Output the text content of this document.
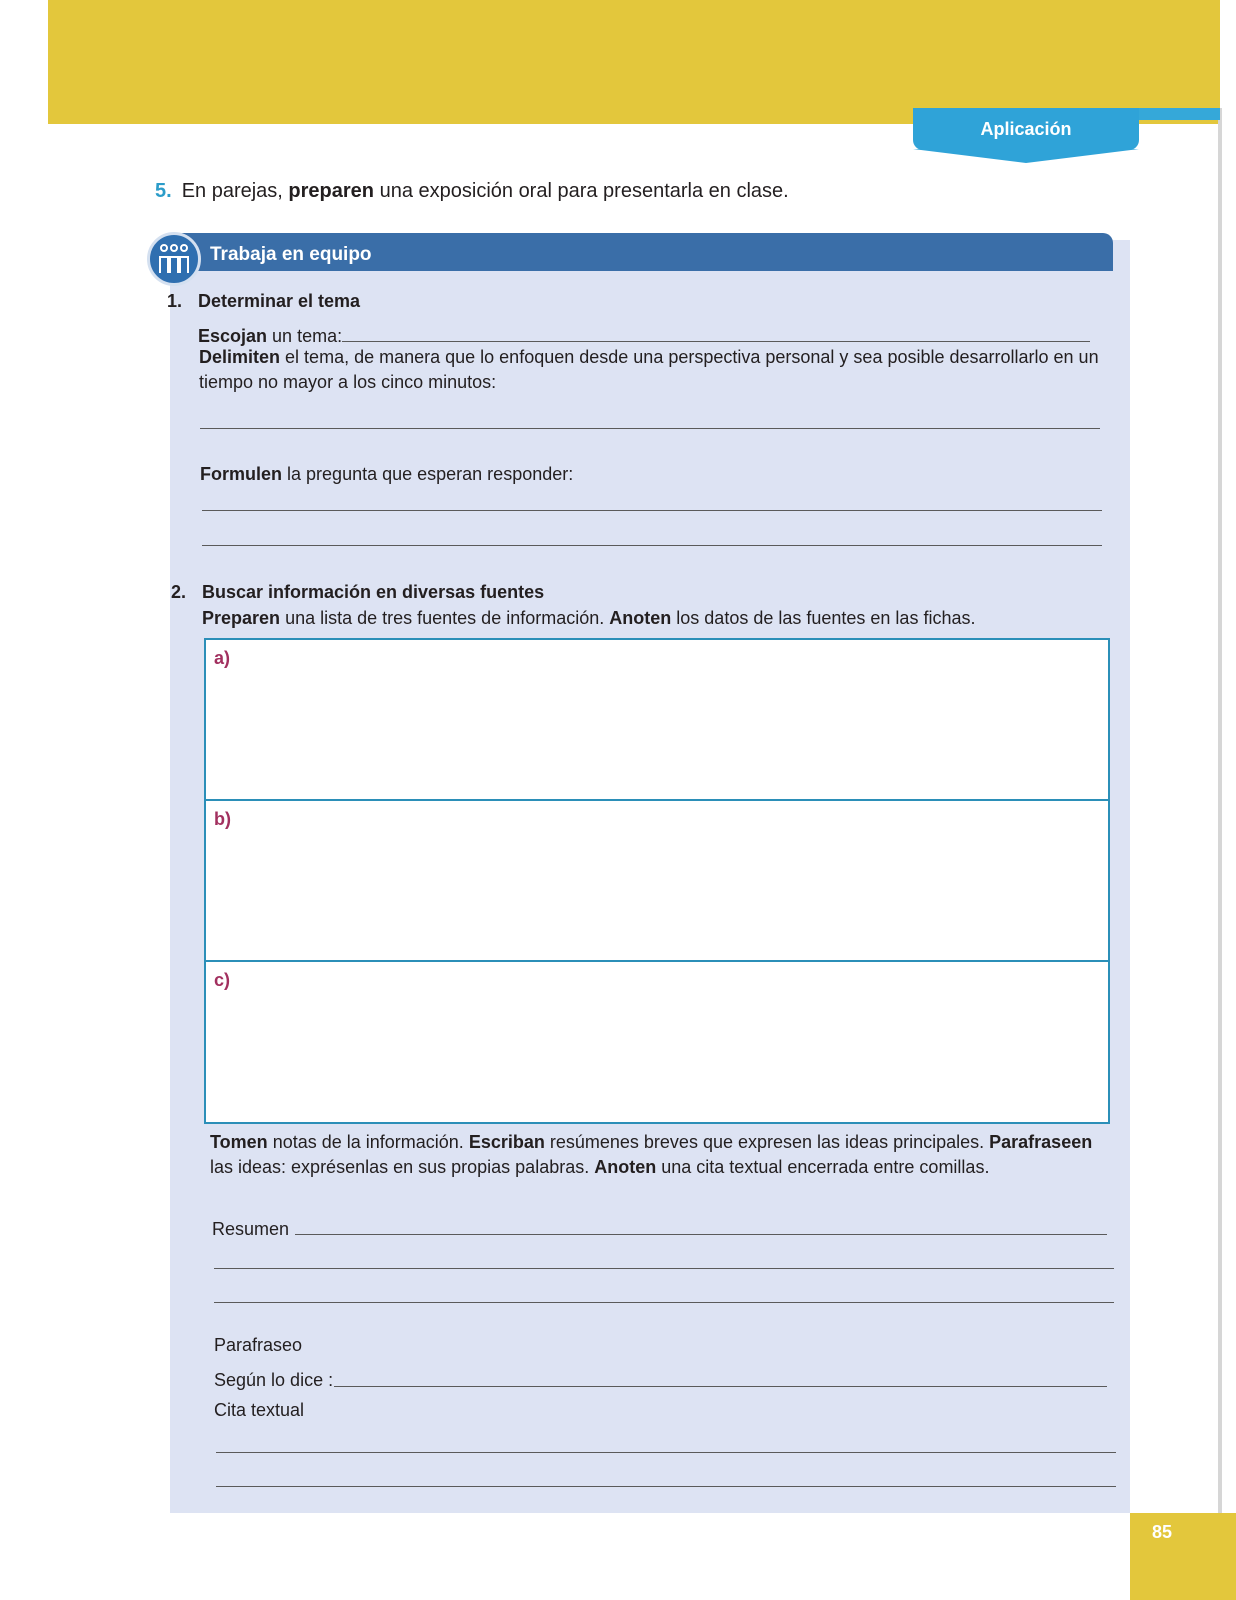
Aplicación
5. En parejas, preparen una exposición oral para presentarla en clase.
Trabaja en equipo
1. Determinar el tema
Escojan un tema:
Delimiten el tema, de manera que lo enfoquen desde una perspectiva personal y sea posible desarrollarlo en un tiempo no mayor a los cinco minutos:
Formulen la pregunta que esperan responder:
2. Buscar información en diversas fuentes
Preparen una lista de tres fuentes de información. Anoten los datos de las fuentes en las fichas.
a)
b)
c)
Tomen notas de la información. Escriban resúmenes breves que expresen las ideas principales. Parafraseen las ideas: exprésenlas en sus propias palabras. Anoten una cita textual encerrada entre comillas.
Resumen
Parafraseo
Según lo dice :
Cita textual
85
